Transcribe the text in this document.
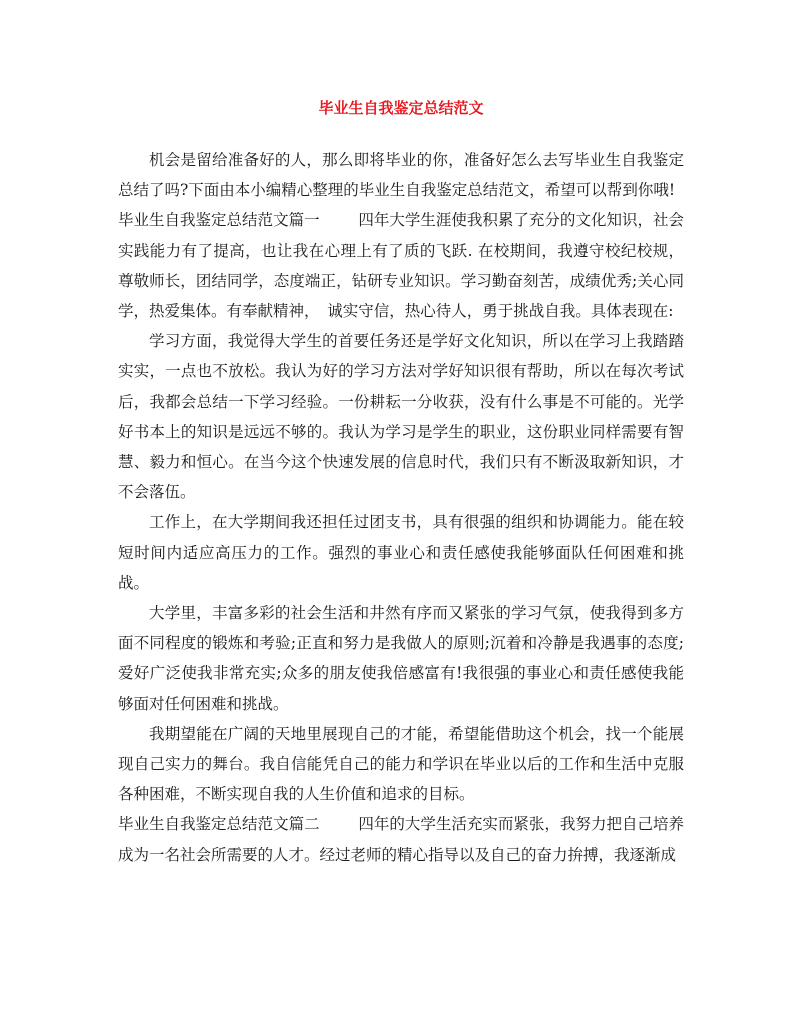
毕业生自我鉴定总结范文

机会是留给准备好的人，那么即将毕业的你，准备好怎么去写毕业生自我鉴定总结了吗?下面由本小编精心整理的毕业生自我鉴定总结范文，希望可以帮到你哦!

毕业生自我鉴定总结范文篇一	四年大学生涯使我积累了充分的文化知识，社会实践能力有了提高，也让我在心理上有了质的飞跃. 在校期间，我遵守校纪校规，尊敬师长，团结同学，态度端正，钻研专业知识。学习勤奋刻苦，成绩优秀;关心同学，热爱集体。有奉献精神，　诚实守信，热心待人，勇于挑战自我。具体表现在:

学习方面，我觉得大学生的首要任务还是学好文化知识，所以在学习上我踏踏实实，一点也不放松。我认为好的学习方法对学好知识很有帮助，所以在每次考试后，我都会总结一下学习经验。一份耕耘一分收获，没有什么事是不可能的。光学好书本上的知识是远远不够的。我认为学习是学生的职业，这份职业同样需要有智慧、毅力和恒心。在当今这个快速发展的信息时代，我们只有不断汲取新知识，才不会落伍。

工作上，在大学期间我还担任过团支书，具有很强的组织和协调能力。能在较短时间内适应高压力的工作。强烈的事业心和责任感使我能够面队任何困难和挑战。

大学里，丰富多彩的社会生活和井然有序而又紧张的学习气氛，使我得到多方面不同程度的锻炼和考验;正直和努力是我做人的原则;沉着和冷静是我遇事的态度;爱好广泛使我非常充实;众多的朋友使我倍感富有!我很强的事业心和责任感使我能够面对任何困难和挑战。

我期望能在广阔的天地里展现自己的才能，希望能借助这个机会，找一个能展现自己实力的舞台。我自信能凭自己的能力和学识在毕业以后的工作和生活中克服各种困难，不断实现自我的人生价值和追求的目标。

毕业生自我鉴定总结范文篇二	四年的大学生活充实而紧张，我努力把自己培养成为一名社会所需要的人才。经过老师的精心指导以及自己的奋力拚搏，我逐渐成
